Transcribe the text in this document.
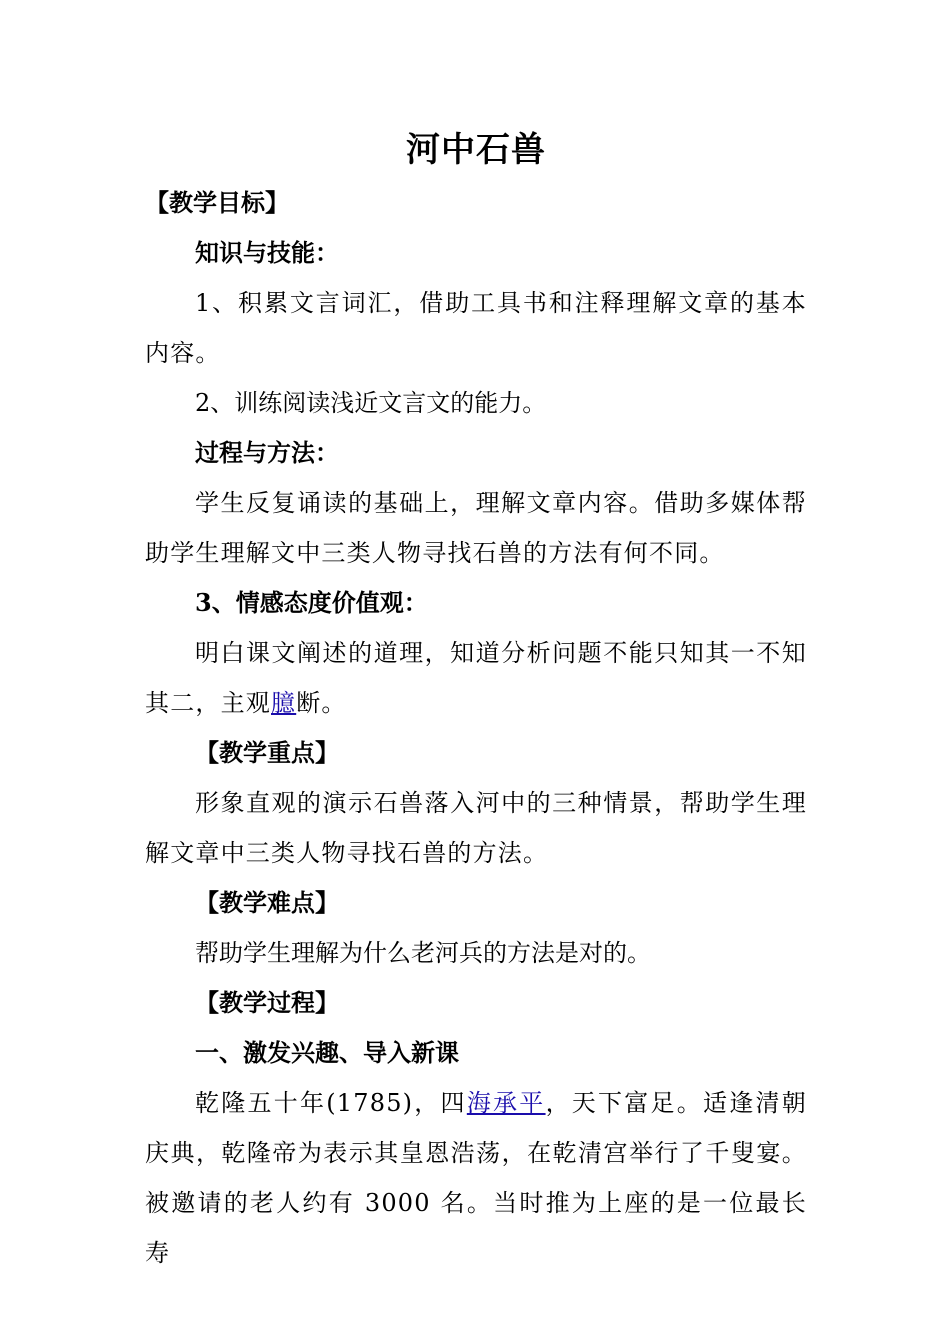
河中石兽

【教学目标】

知识与技能：

1、积累文言词汇，借助工具书和注释理解文章的基本内容。

2、训练阅读浅近文言文的能力。

过程与方法：

学生反复诵读的基础上，理解文章内容。借助多媒体帮助学生理解文中三类人物寻找石兽的方法有何不同。

3、情感态度价值观：

明白课文阐述的道理，知道分析问题不能只知其一不知其二，主观臆断。

【教学重点】

形象直观的演示石兽落入河中的三种情景，帮助学生理解文章中三类人物寻找石兽的方法。

【教学难点】

帮助学生理解为什么老河兵的方法是对的。

【教学过程】

一、激发兴趣、导入新课

乾隆五十年(1785)，四海承平，天下富足。适逢清朝庆典，乾隆帝为表示其皇恩浩荡，在乾清宫举行了千叟宴。被邀请的老人约有 3000 名。当时推为上座的是一位最长寿
